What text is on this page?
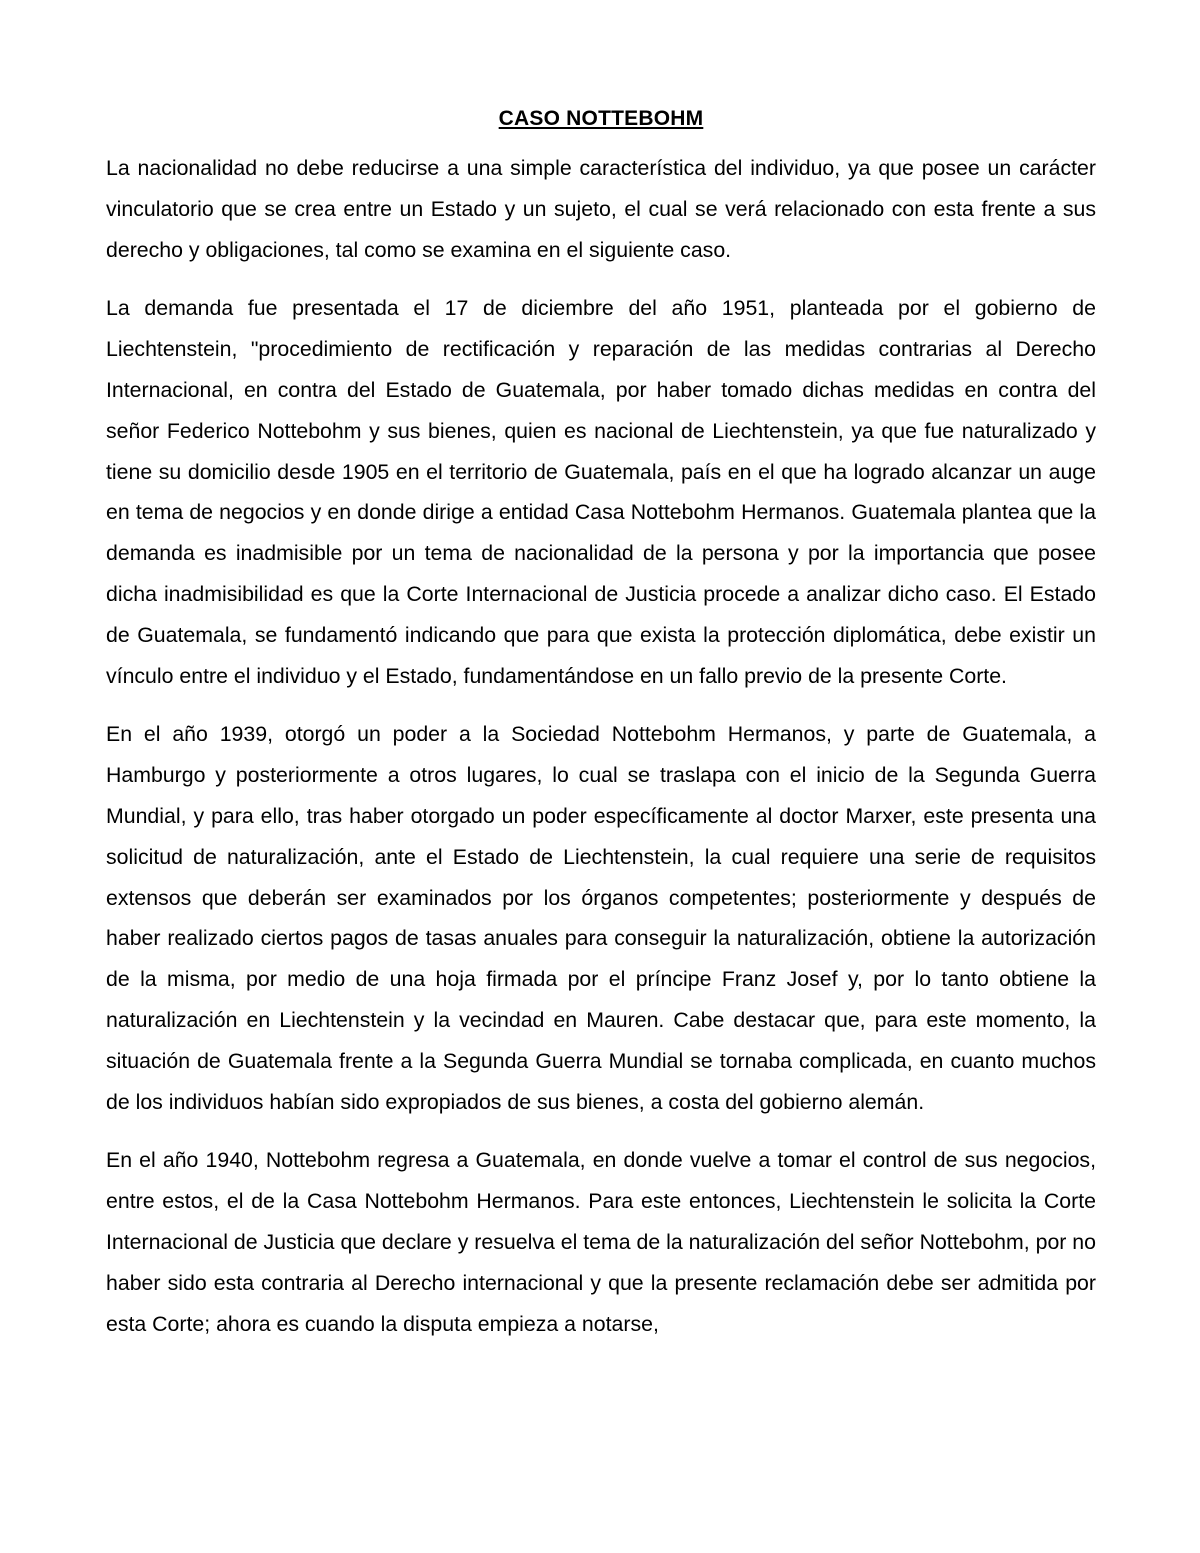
CASO NOTTEBOHM

La nacionalidad no debe reducirse a una simple característica del individuo, ya que posee un carácter vinculatorio que se crea entre un Estado y un sujeto, el cual se verá relacionado con esta frente a sus derecho y obligaciones, tal como se examina en el siguiente caso.

La demanda fue presentada el 17 de diciembre del año 1951, planteada por el gobierno de Liechtenstein, "procedimiento de rectificación y reparación de las medidas contrarias al Derecho Internacional, en contra del Estado de Guatemala, por haber tomado dichas medidas en contra del señor Federico Nottebohm y sus bienes, quien es nacional de Liechtenstein, ya que fue naturalizado y tiene su domicilio desde 1905 en el territorio de Guatemala, país en el que ha logrado alcanzar un auge en tema de negocios y en donde dirige a entidad Casa Nottebohm Hermanos. Guatemala plantea que la demanda es inadmisible por un tema de nacionalidad de la persona y por la importancia que posee dicha inadmisibilidad es que la Corte Internacional de Justicia procede a analizar dicho caso. El Estado de Guatemala, se fundamentó indicando que para que exista la protección diplomática, debe existir un vínculo entre el individuo y el Estado, fundamentándose en un fallo previo de la presente Corte.

En el año 1939, otorgó un poder a la Sociedad Nottebohm Hermanos, y parte de Guatemala, a Hamburgo y posteriormente a otros lugares, lo cual se traslapa con el inicio de la Segunda Guerra Mundial, y para ello, tras haber otorgado un poder específicamente al doctor Marxer, este presenta una solicitud de naturalización, ante el Estado de Liechtenstein, la cual requiere una serie de requisitos extensos que deberán ser examinados por los órganos competentes; posteriormente y después de haber realizado ciertos pagos de tasas anuales para conseguir la naturalización, obtiene la autorización de la misma, por medio de una hoja firmada por el príncipe Franz Josef y, por lo tanto obtiene la naturalización en Liechtenstein y la vecindad en Mauren. Cabe destacar que, para este momento, la situación de Guatemala frente a la Segunda Guerra Mundial se tornaba complicada, en cuanto muchos de los individuos habían sido expropiados de sus bienes, a costa del gobierno alemán.

En el año 1940, Nottebohm regresa a Guatemala, en donde vuelve a tomar el control de sus negocios, entre estos, el de la Casa Nottebohm Hermanos. Para este entonces, Liechtenstein le solicita la Corte Internacional de Justicia que declare y resuelva el tema de la naturalización del señor Nottebohm, por no haber sido esta contraria al Derecho internacional y que la presente reclamación debe ser admitida por esta Corte; ahora es cuando la disputa empieza a notarse,
